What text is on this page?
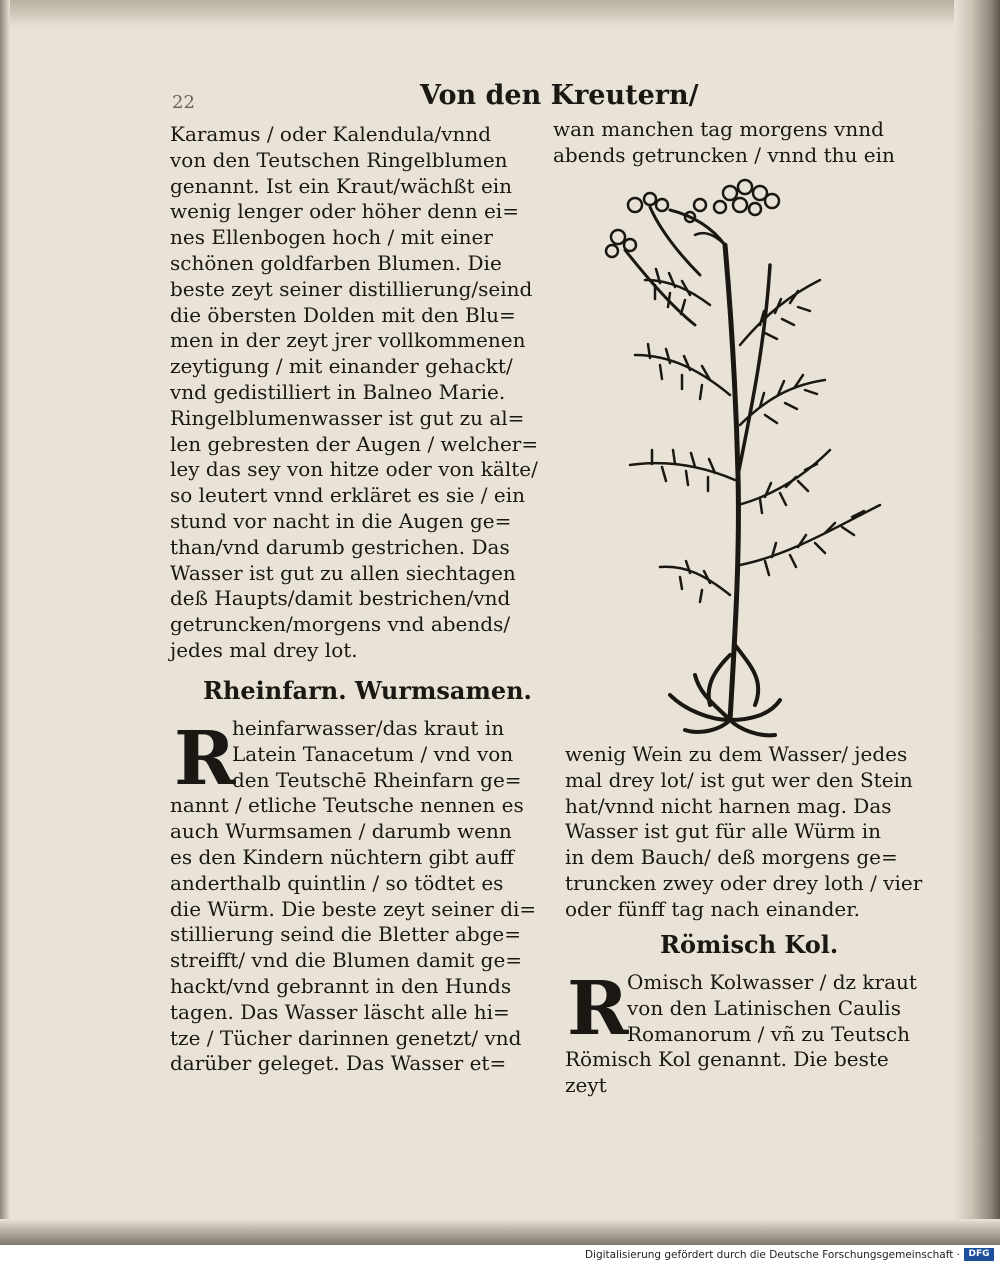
22	Von den Kreutern/
Karamus / oder Kalendula/vnnd
von den Teutschen Ringelblumen
genannt. Ist ein Kraut/wächßt ein
wenig lenger oder höher denn ei=
nes Ellenbogen hoch / mit einer
schönen goldfarben Blumen. Die
beste zeyt seiner distillierung/seind
die öbersten Dolden mit den Blu=
men in der zeyt jrer vollkommenen
zeytigung / mit einander gehackt/
vnd gedistilliert in Balneo Marie.
Ringelblumenwasser ist gut zu al=
len gebresten der Augen / welcher=
ley das sey von hitze oder von kälte/
so leutert vnnd erkläret es sie / ein
stund vor nacht in die Augen ge=
than/vnd darumb gestrichen. Das
Wasser ist gut zu allen siechtagen
deß Haupts/damit bestrichen/vnd
getruncken/morgens vnd abends/
jedes mal drey lot.
wan manchen tag morgens vnnd
abends getruncken / vnnd thu ein
Rheinfarn. Wurmsamen.
R
heinfarwasser/das kraut in
Latein Tanacetum / vnd von
den Teutschē Rheinfarn ge=
nannt / etliche Teutsche nennen es
auch Wurmsamen / darumb wenn
es den Kindern nüchtern gibt auff
anderthalb quintlin / so tödtet es
die Würm. Die beste zeyt seiner di=
stillierung seind die Bletter abge=
streifft/ vnd die Blumen damit ge=
hackt/vnd gebrannt in den Hunds
tagen. Das Wasser läscht alle hi=
tze / Tücher darinnen genetzt/ vnd
darüber geleget. Das Wasser et=
wenig Wein zu dem Wasser/ jedes
mal drey lot/ ist gut wer den Stein
hat/vnnd nicht harnen mag. Das
Wasser ist gut für alle Würm in
in dem Bauch/ deß morgens ge=
truncken zwey oder drey loth / vier
oder fünff tag nach einander.
Römisch Kol.
R
Omisch Kolwasser / dz kraut
von den Latinischen Caulis
Romanorum / vñ zu Teutsch
Römisch Kol genannt. Die beste
zeyt
Digitalisierung gefördert durch die Deutsche Forschungsgemeinschaft · DFG
